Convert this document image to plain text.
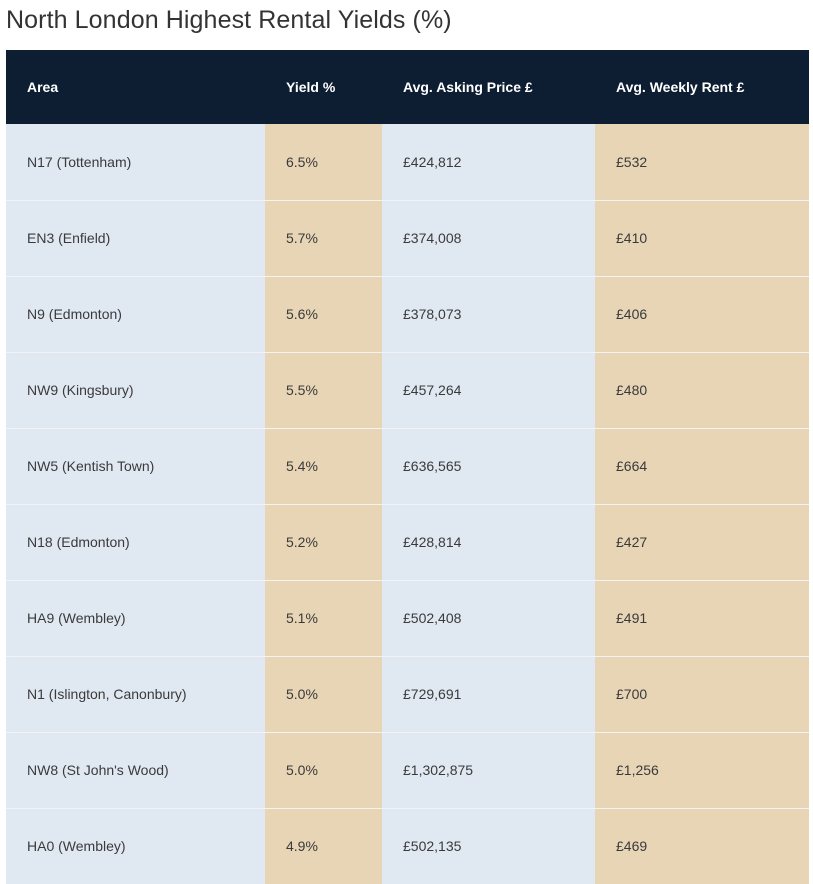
North London Highest Rental Yields (%)
Area	Yield %	Avg. Asking Price £	Avg. Weekly Rent £
N17 (Tottenham)	6.5%	£424,812	£532
EN3 (Enfield)	5.7%	£374,008	£410
N9 (Edmonton)	5.6%	£378,073	£406
NW9 (Kingsbury)	5.5%	£457,264	£480
NW5 (Kentish Town)	5.4%	£636,565	£664
N18 (Edmonton)	5.2%	£428,814	£427
HA9 (Wembley)	5.1%	£502,408	£491
N1 (Islington, Canonbury)	5.0%	£729,691	£700
NW8 (St John's Wood)	5.0%	£1,302,875	£1,256
HA0 (Wembley)	4.9%	£502,135	£469
